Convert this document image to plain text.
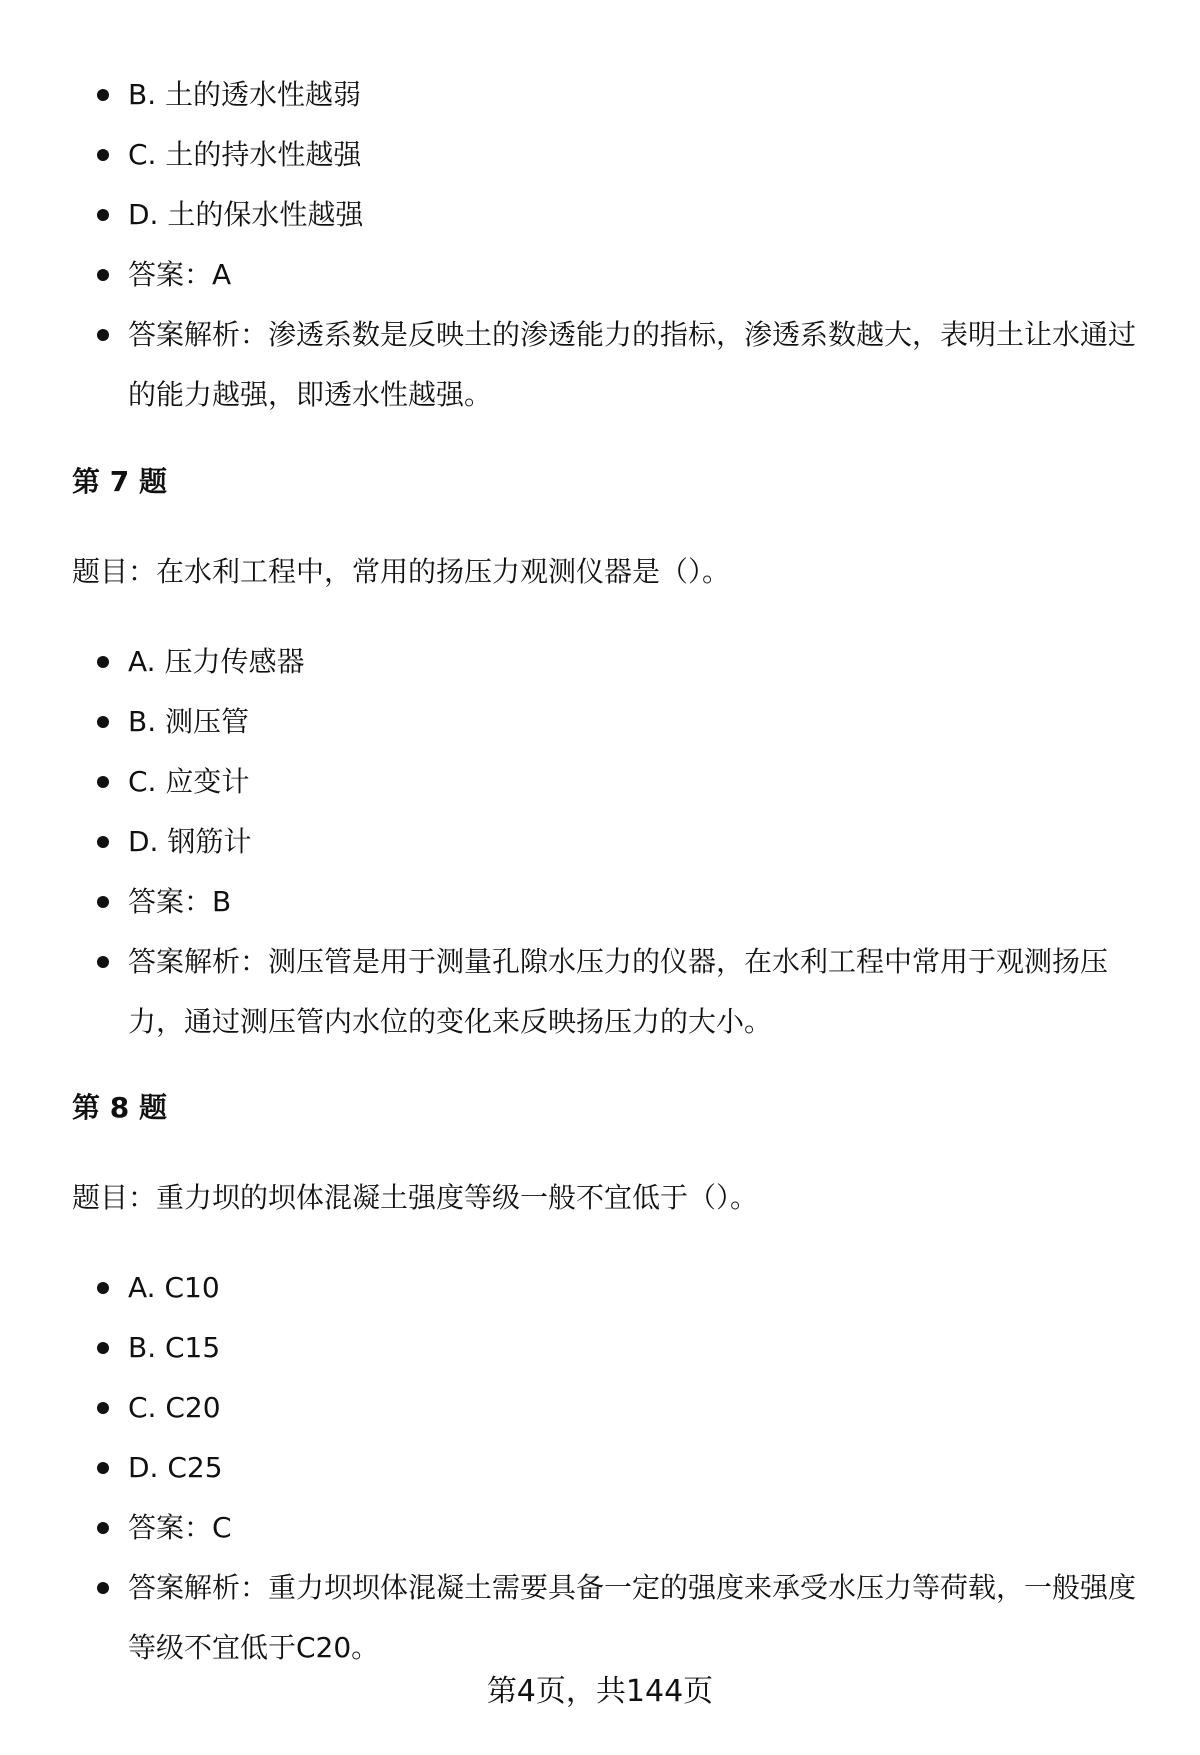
B. 土的透水性越弱
C. 土的持水性越强
D. 土的保水性越强
答案：A
答案解析：渗透系数是反映土的渗透能力的指标，渗透系数越大，表明土让水通过的能力越强，即透水性越强。
第 7 题
题目：在水利工程中，常用的扬压力观测仪器是（）。
A. 压力传感器
B. 测压管
C. 应变计
D. 钢筋计
答案：B
答案解析：测压管是用于测量孔隙水压力的仪器，在水利工程中常用于观测扬压力，通过测压管内水位的变化来反映扬压力的大小。
第 8 题
题目：重力坝的坝体混凝土强度等级一般不宜低于（）。
A. C10
B. C15
C. C20
D. C25
答案：C
答案解析：重力坝坝体混凝土需要具备一定的强度来承受水压力等荷载，一般强度等级不宜低于C20。
第4页，共144页
